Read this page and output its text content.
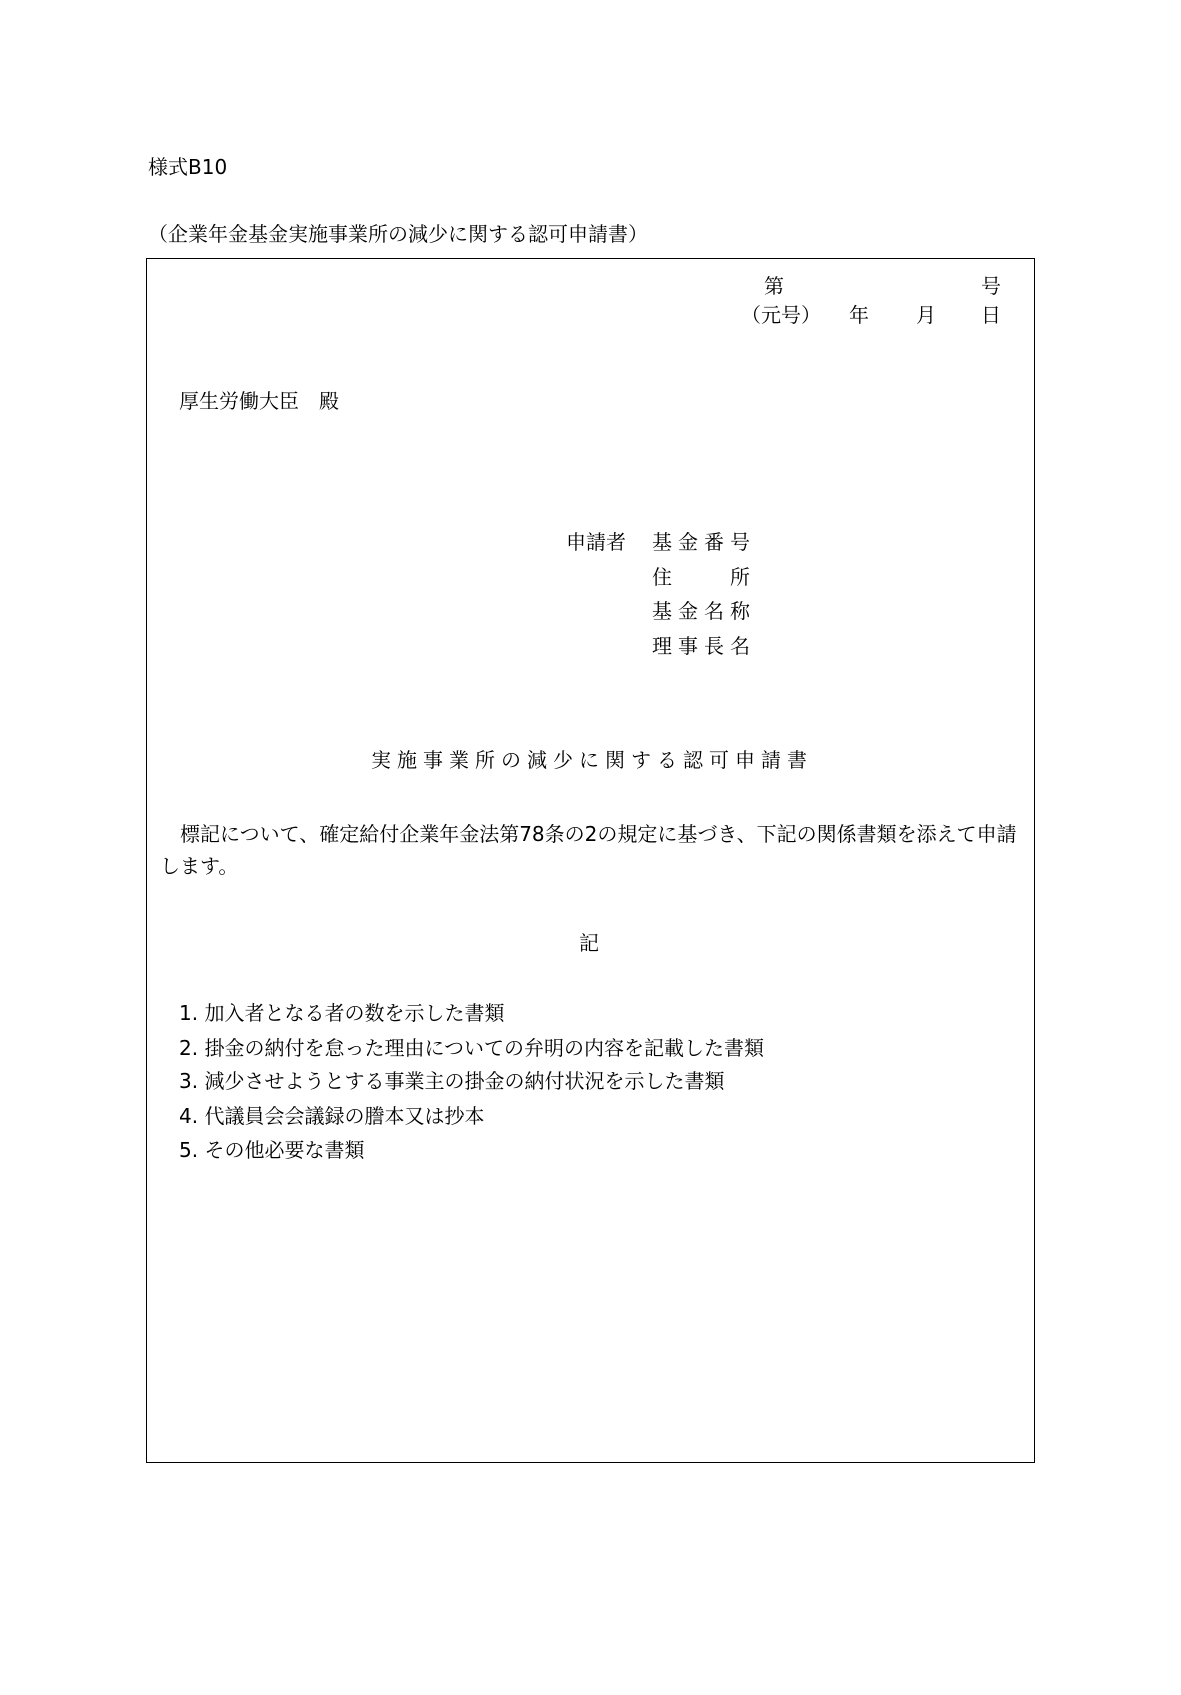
様式B10
（企業年金基金実施事業所の減少に関する認可申請書）
第	号
（元号） 年 月 日
厚生労働大臣　殿
申請者 基金番号
住　　所
基金名称
理事長名
実施事業所の減少に関する認可申請書
　標記について、確定給付企業年金法第78条の2の規定に基づき、下記の関係書類を添えて申請します。
記
1. 加入者となる者の数を示した書類
2. 掛金の納付を怠った理由についての弁明の内容を記載した書類
3. 減少させようとする事業主の掛金の納付状況を示した書類
4. 代議員会会議録の謄本又は抄本
5. その他必要な書類
